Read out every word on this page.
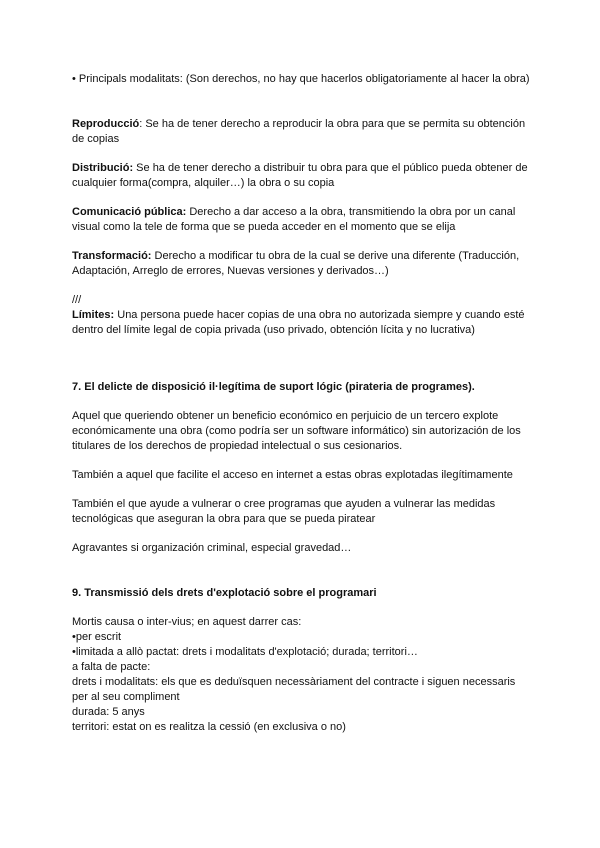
• Principals modalitats: (Son derechos, no hay que hacerlos obligatoriamente al hacer la obra)

Reproducció: Se ha de tener derecho a reproducir la obra para que se permita su obtención de copias

Distribució: Se ha de tener derecho a distribuir tu obra para que el público pueda obtener de cualquier forma(compra, alquiler…) la obra o su copia

Comunicació pública: Derecho a dar acceso a la obra, transmitiendo la obra por un canal visual como la tele de forma que se pueda acceder en el momento que se elija

Transformació: Derecho a modificar tu obra de la cual se derive una diferente (Traducción, Adaptación, Arreglo de errores, Nuevas versiones y derivados…)

///

Límites: Una persona puede hacer copias de una obra no autorizada siempre y cuando esté dentro del límite legal de copia privada (uso privado, obtención lícita y no lucrativa)

7. El delicte de disposició il·legítima de suport lógic (pirateria de programes).

Aquel que queriendo obtener un beneficio económico en perjuicio de un tercero explote económicamente una obra (como podría ser un software informático) sin autorización de los titulares de los derechos de propiedad intelectual o sus cesionarios.

También a aquel que facilite el acceso en internet a estas obras explotadas ilegítimamente

También el que ayude a vulnerar o cree programas que ayuden a vulnerar las medidas tecnológicas que aseguran la obra para que se pueda piratear

Agravantes si organización criminal, especial gravedad…

9. Transmissió dels drets d'explotació sobre el programari

Mortis causa o inter-vius; en aquest darrer cas:

•per escrit

•limitada a allò pactat: drets i modalitats d'explotació; durada; territori…

a falta de pacte:

drets i modalitats: els que es deduïsquen necessàriament del contracte i siguen necessaris per al seu compliment

durada: 5 anys

territori: estat on es realitza la cessió (en exclusiva o no)
